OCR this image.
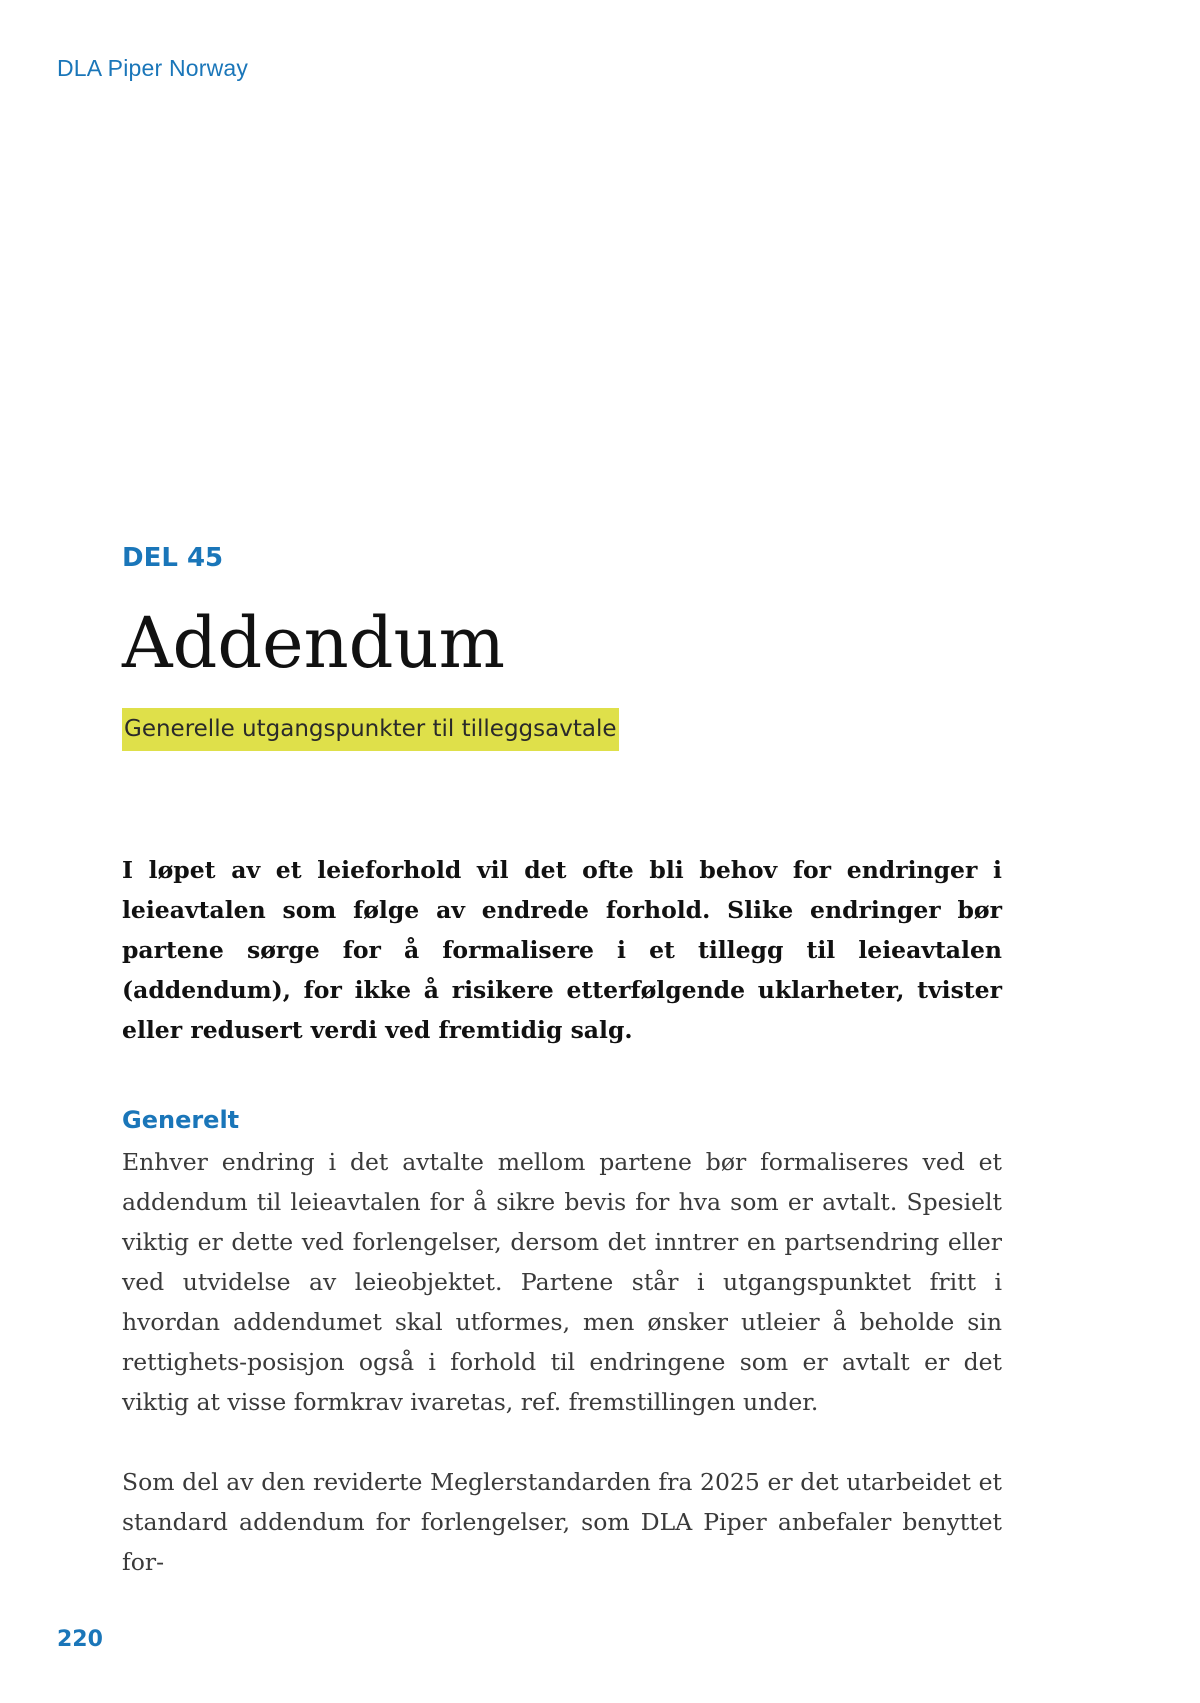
DLA Piper Norway
DEL 45
Addendum
Generelle utgangspunkter til tilleggsavtale

I løpet av et leieforhold vil det ofte bli behov for endringer i leieavtalen som følge av endrede forhold. Slike endringer bør partene sørge for å formalisere i et tillegg til leieavtalen (addendum), for ikke å risikere etterfølgende uklarheter, tvister eller redusert verdi ved fremtidig salg.

Generelt

Enhver endring i det avtalte mellom partene bør formaliseres ved et addendum til leieavtalen for å sikre bevis for hva som er avtalt. Spesielt viktig er dette ved forlengelser, dersom det inntrer en partsendring eller ved utvidelse av leieobjektet. Partene står i utgangspunktet fritt i hvordan addendumet skal utformes, men ønsker utleier å beholde sin rettighets-posisjon også i forhold til endringene som er avtalt er det viktig at visse formkrav ivaretas, ref. fremstillingen under.

Som del av den reviderte Meglerstandarden fra 2025 er det utarbeidet et standard addendum for forlengelser, som DLA Piper anbefaler benyttet for-

220
